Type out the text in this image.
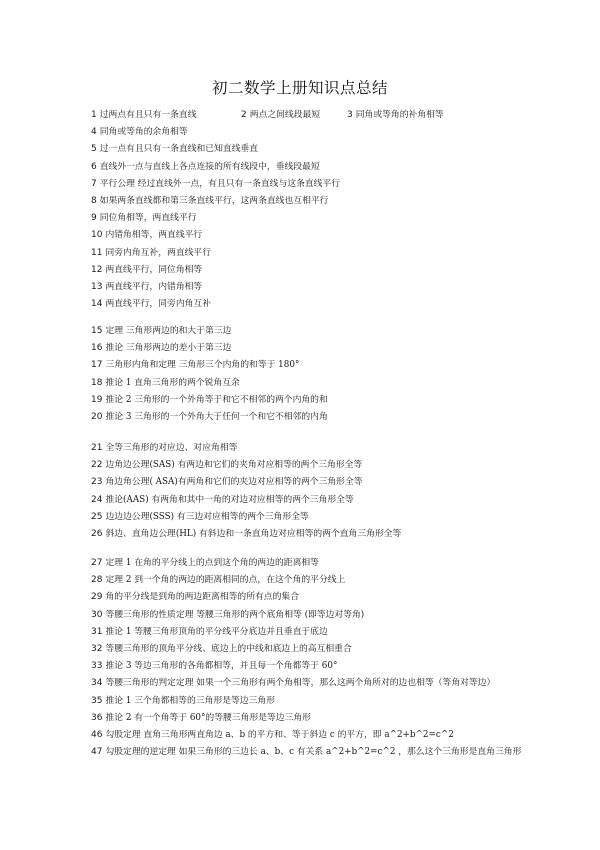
初二数学上册知识点总结
1 过两点有且只有一条直线	2 两点之间线段最短	3 同角或等角的补角相等
4 同角或等角的余角相等
5 过一点有且只有一条直线和已知直线垂直
6 直线外一点与直线上各点连接的所有线段中，垂线段最短
7 平行公理 经过直线外一点，有且只有一条直线与这条直线平行
8 如果两条直线都和第三条直线平行，这两条直线也互相平行
9 同位角相等，两直线平行
10 内错角相等，两直线平行
11 同旁内角互补，两直线平行
12 两直线平行，同位角相等
13 两直线平行，内错角相等
14 两直线平行，同旁内角互补
15 定理 三角形两边的和大于第三边
16 推论 三角形两边的差小于第三边
17 三角形内角和定理 三角形三个内角的和等于 180°
18 推论 1 直角三角形的两个锐角互余
19 推论 2 三角形的一个外角等于和它不相邻的两个内角的和
20 推论 3 三角形的一个外角大于任何一个和它不相邻的内角
21 全等三角形的对应边、对应角相等
22 边角边公理(SAS) 有两边和它们的夹角对应相等的两个三角形全等
23 角边角公理( ASA)有两角和它们的夹边对应相等的两个三角形全等
24 推论(AAS) 有两角和其中一角的对边对应相等的两个三角形全等
25 边边边公理(SSS) 有三边对应相等的两个三角形全等
26 斜边、直角边公理(HL) 有斜边和一条直角边对应相等的两个直角三角形全等
27 定理 1 在角的平分线上的点到这个角的两边的距离相等
28 定理 2 到一个角的两边的距离相同的点，在这个角的平分线上
29 角的平分线是到角的两边距离相等的所有点的集合
30 等腰三角形的性质定理 等腰三角形的两个底角相等 (即等边对等角)
31 推论 1 等腰三角形顶角的平分线平分底边并且垂直于底边
32 等腰三角形的顶角平分线、底边上的中线和底边上的高互相重合
33 推论 3 等边三角形的各角都相等，并且每一个角都等于 60°
34 等腰三角形的判定定理 如果一个三角形有两个角相等，那么这两个角所对的边也相等（等角对等边）
35 推论 1 三个角都相等的三角形是等边三角形
36 推论 2 有一个角等于 60°的等腰三角形是等边三角形
46 勾股定理 直角三角形两直角边 a、b 的平方和、等于斜边 c 的平方，即 a^2+b^2=c^2
47 勾股定理的逆定理 如果三角形的三边长 a、b、c 有关系 a^2+b^2=c^2 ，那么这个三角形是直角三角形
